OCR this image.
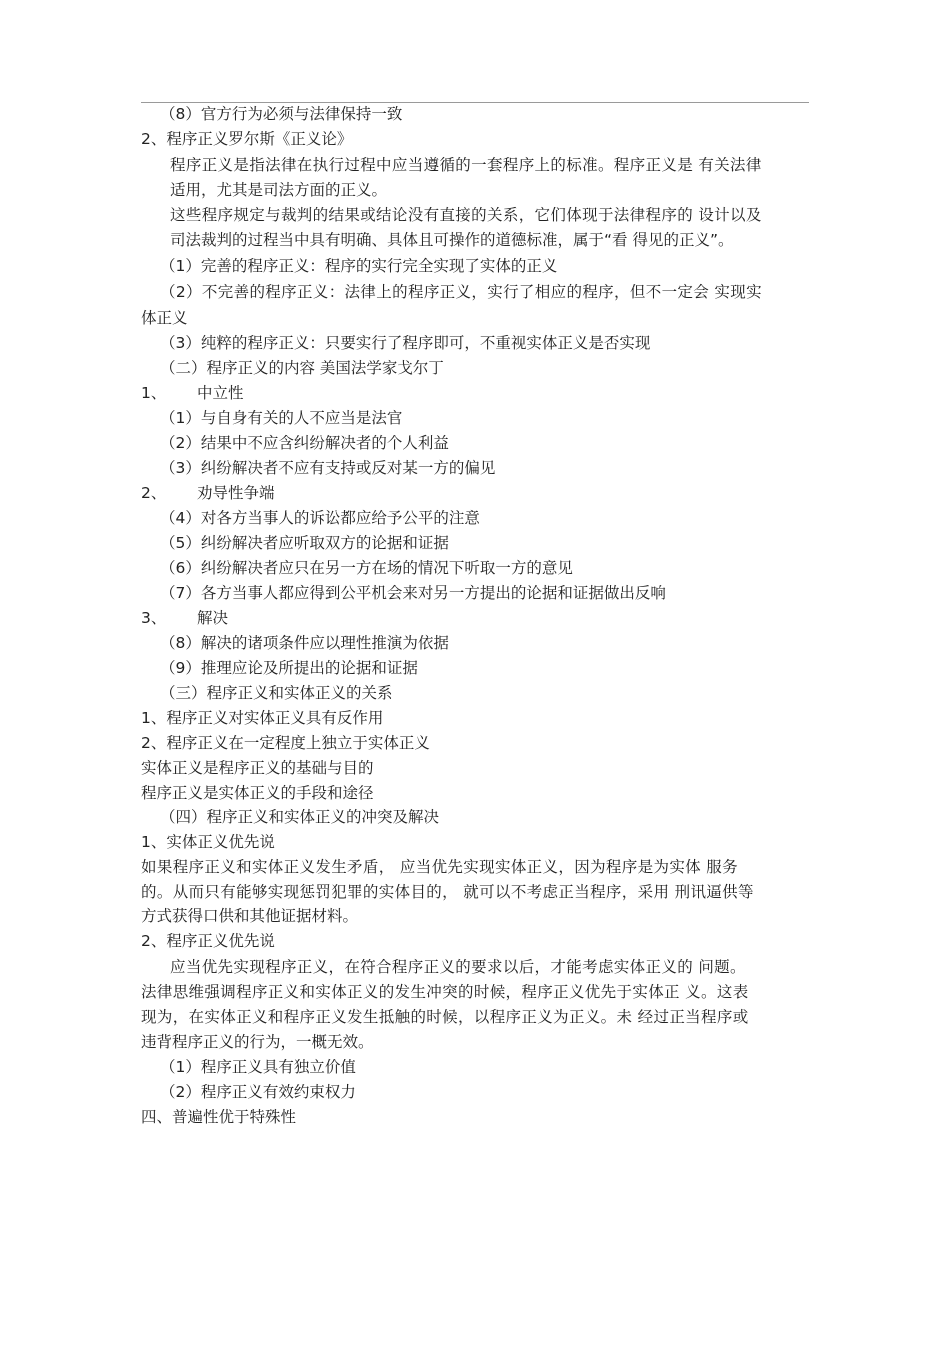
（8）官方行为必须与法律保持一致
2、程序正义罗尔斯《正义论》
程序正义是指法律在执行过程中应当遵循的一套程序上的标准。程序正义是 有关法律
适用，尤其是司法方面的正义。
这些程序规定与裁判的结果或结论没有直接的关系，它们体现于法律程序的 设计以及
司法裁判的过程当中具有明确、具体且可操作的道德标准，属于“看 得见的正义”。
（1）完善的程序正义：程序的实行完全实现了实体的正义
（2）不完善的程序正义：法律上的程序正义，实行了相应的程序，但不一定会 实现实
体正义
（3）纯粹的程序正义：只要实行了程序即可，不重视实体正义是否实现
（二）程序正义的内容 美国法学家戈尔丁
1、 中立性
（1）与自身有关的人不应当是法官
（2）结果中不应含纠纷解决者的个人利益
（3）纠纷解决者不应有支持或反对某一方的偏见
2、 劝导性争端
（4）对各方当事人的诉讼都应给予公平的注意
（5）纠纷解决者应听取双方的论据和证据
（6）纠纷解决者应只在另一方在场的情况下听取一方的意见
（7）各方当事人都应得到公平机会来对另一方提出的论据和证据做出反响
3、 解决
（8）解决的诸项条件应以理性推演为依据
（9）推理应论及所提出的论据和证据
（三）程序正义和实体正义的关系
1、程序正义对实体正义具有反作用
2、程序正义在一定程度上独立于实体正义
实体正义是程序正义的基础与目的
程序正义是实体正义的手段和途径
（四）程序正义和实体正义的冲突及解决
1、实体正义优先说
如果程序正义和实体正义发生矛盾， 应当优先实现实体正义，因为程序是为实体 服务
的。从而只有能够实现惩罚犯罪的实体目的， 就可以不考虑正当程序，采用 刑讯逼供等
方式获得口供和其他证据材料。
2、程序正义优先说
应当优先实现程序正义，在符合程序正义的要求以后，才能考虑实体正义的 问题。
法律思维强调程序正义和实体正义的发生冲突的时候，程序正义优先于实体正 义。这表
现为，在实体正义和程序正义发生抵触的时候，以程序正义为正义。未 经过正当程序或
违背程序正义的行为，一概无效。
（1）程序正义具有独立价值
（2）程序正义有效约束权力
四、普遍性优于特殊性
